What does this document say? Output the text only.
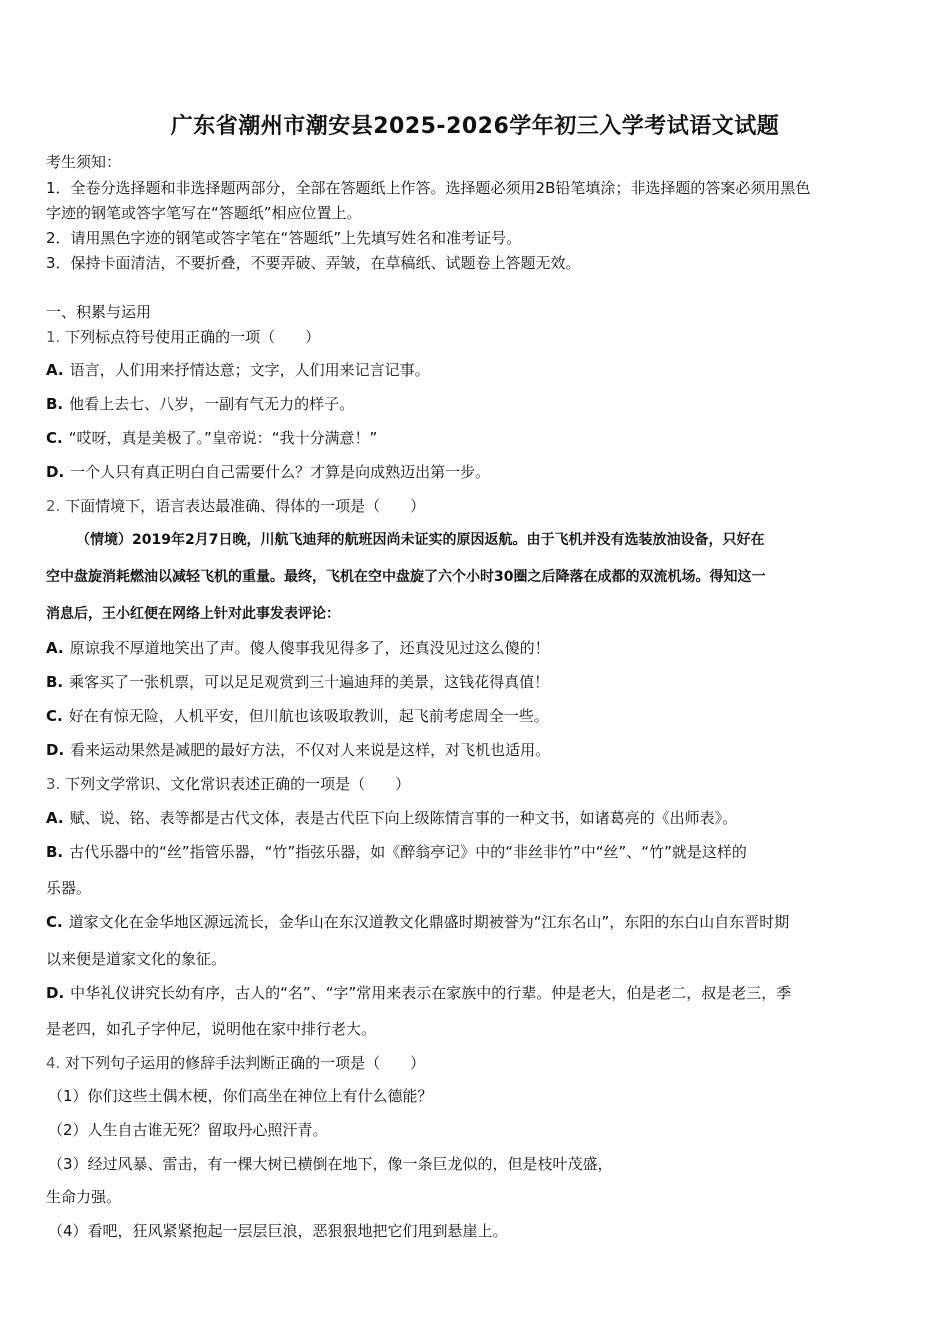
广东省潮州市潮安县2025-2026学年初三入学考试语文试题
考生须知：
1．全卷分选择题和非选择题两部分，全部在答题纸上作答。选择题必须用2B铅笔填涂；非选择题的答案必须用黑色
字迹的钢笔或答字笔写在“答题纸”相应位置上。
2．请用黑色字迹的钢笔或答字笔在“答题纸”上先填写姓名和准考证号。
3．保持卡面清洁，不要折叠，不要弄破、弄皱，在草稿纸、试题卷上答题无效。
一、积累与运用
1. 下列标点符号使用正确的一项（　　）
A. 语言，人们用来抒情达意；文字，人们用来记言记事。
B. 他看上去七、八岁，一副有气无力的样子。
C. “哎呀，真是美极了。”皇帝说：“我十分满意！”
D. 一个人只有真正明白自己需要什么？才算是向成熟迈出第一步。
2. 下面情境下，语言表达最准确、得体的一项是（　　）
（情境）2019年2月7日晚，川航飞迪拜的航班因尚未证实的原因返航。由于飞机并没有选装放油设备，只好在
空中盘旋消耗燃油以减轻飞机的重量。最终，飞机在空中盘旋了六个小时30圈之后降落在成都的双流机场。得知这一
消息后，王小红便在网络上针对此事发表评论：
A. 原谅我不厚道地笑出了声。傻人傻事我见得多了，还真没见过这么傻的！
B. 乘客买了一张机票，可以足足观赏到三十遍迪拜的美景，这钱花得真值！
C. 好在有惊无险，人机平安，但川航也该吸取教训，起飞前考虑周全一些。
D. 看来运动果然是减肥的最好方法，不仅对人来说是这样，对飞机也适用。
3. 下列文学常识、文化常识表述正确的一项是（　　）
A. 赋、说、铭、表等都是古代文体，表是古代臣下向上级陈情言事的一种文书，如诸葛亮的《出师表》。
B. 古代乐器中的“丝”指管乐器，“竹”指弦乐器，如《醉翁亭记》中的“非丝非竹”中“丝”、“竹”就是这样的
乐器。
C. 道家文化在金华地区源远流长，金华山在东汉道教文化鼎盛时期被誉为“江东名山”，东阳的东白山自东晋时期
以来便是道家文化的象征。
D. 中华礼仪讲究长幼有序，古人的“名”、“字”常用来表示在家族中的行辈。仲是老大，伯是老二，叔是老三，季
是老四，如孔子字仲尼，说明他在家中排行老大。
4. 对下列句子运用的修辞手法判断正确的一项是（　　）
（1）你们这些土偶木梗，你们高坐在神位上有什么德能？
（2）人生自古谁无死？留取丹心照汗青。
（3）经过风暴、雷击，有一棵大树已横倒在地下，像一条巨龙似的，但是枝叶茂盛，
生命力强。
（4）看吧，狂风紧紧抱起一层层巨浪，恶狠狠地把它们甩到悬崖上。
